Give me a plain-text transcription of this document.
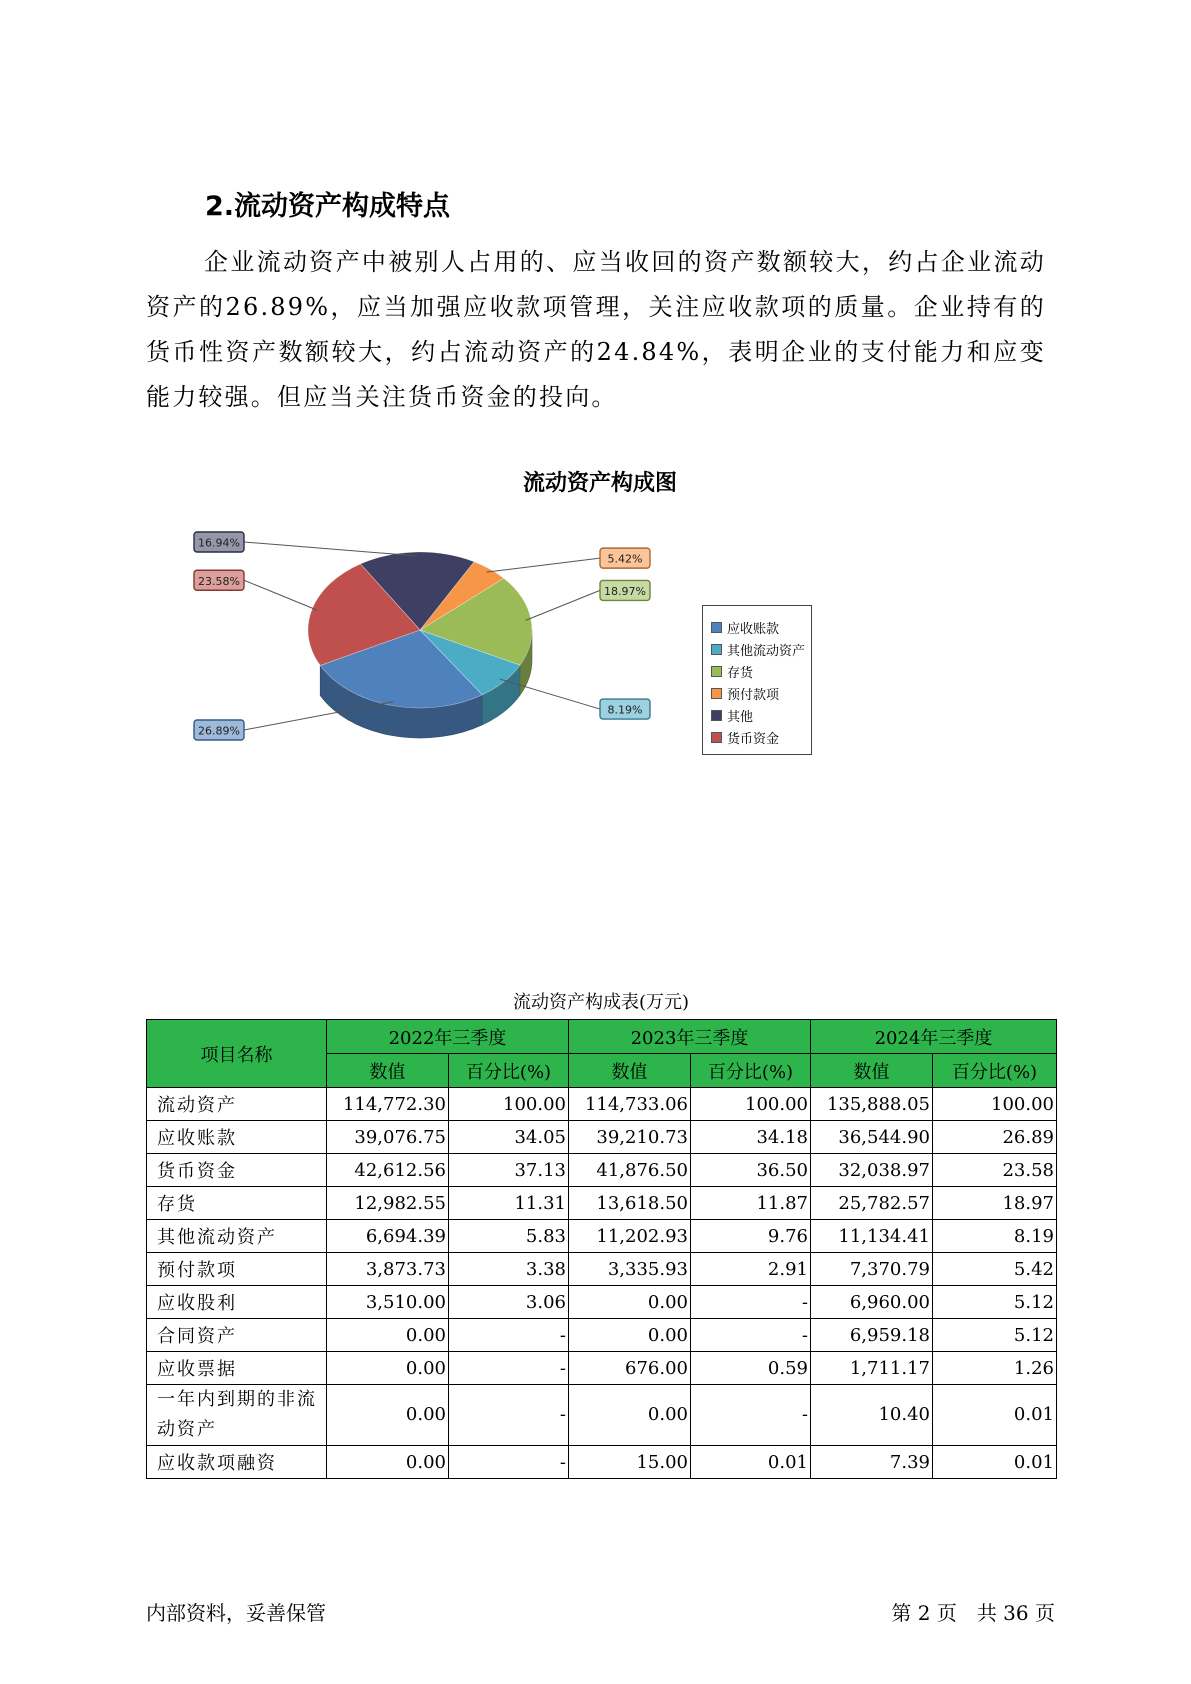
2.流动资产构成特点

企业流动资产中被别人占用的、应当收回的资产数额较大，约占企业流动资产的26.89%，应当加强应收款项管理，关注应收款项的质量。企业持有的货币性资产数额较大，约占流动资产的24.84%，表明企业的支付能力和应变能力较强。但应当关注货币资金的投向。

流动资产构成图
26.89%
8.19%
18.97%
5.42%
16.94%
23.58%
应收账款
其他流动资产
存货
预付款项
其他
货币资金
流动资产构成表(万元)
项目名称	2022年三季度		2023年三季度		2024年三季度	
	数值	百分比(%)	数值	百分比(%)	数值	百分比(%)
流动资产	114,772.30	100.00	114,733.06	100.00	135,888.05	100.00
应收账款	39,076.75	34.05	39,210.73	34.18	36,544.90	26.89
货币资金	42,612.56	37.13	41,876.50	36.50	32,038.97	23.58
存货	12,982.55	11.31	13,618.50	11.87	25,782.57	18.97
其他流动资产	6,694.39	5.83	11,202.93	9.76	11,134.41	8.19
预付款项	3,873.73	3.38	3,335.93	2.91	7,370.79	5.42
应收股利	3,510.00	3.06	0.00	-	6,960.00	5.12
合同资产	0.00	-	0.00	-	6,959.18	5.12
应收票据	0.00	-	676.00	0.59	1,711.17	1.26
一年内到期的非流动资产	0.00	-	0.00	-	10.40	0.01
应收款项融资	0.00	-	15.00	0.01	7.39	0.01
内部资料，妥善保管	第 2 页　共 36 页
